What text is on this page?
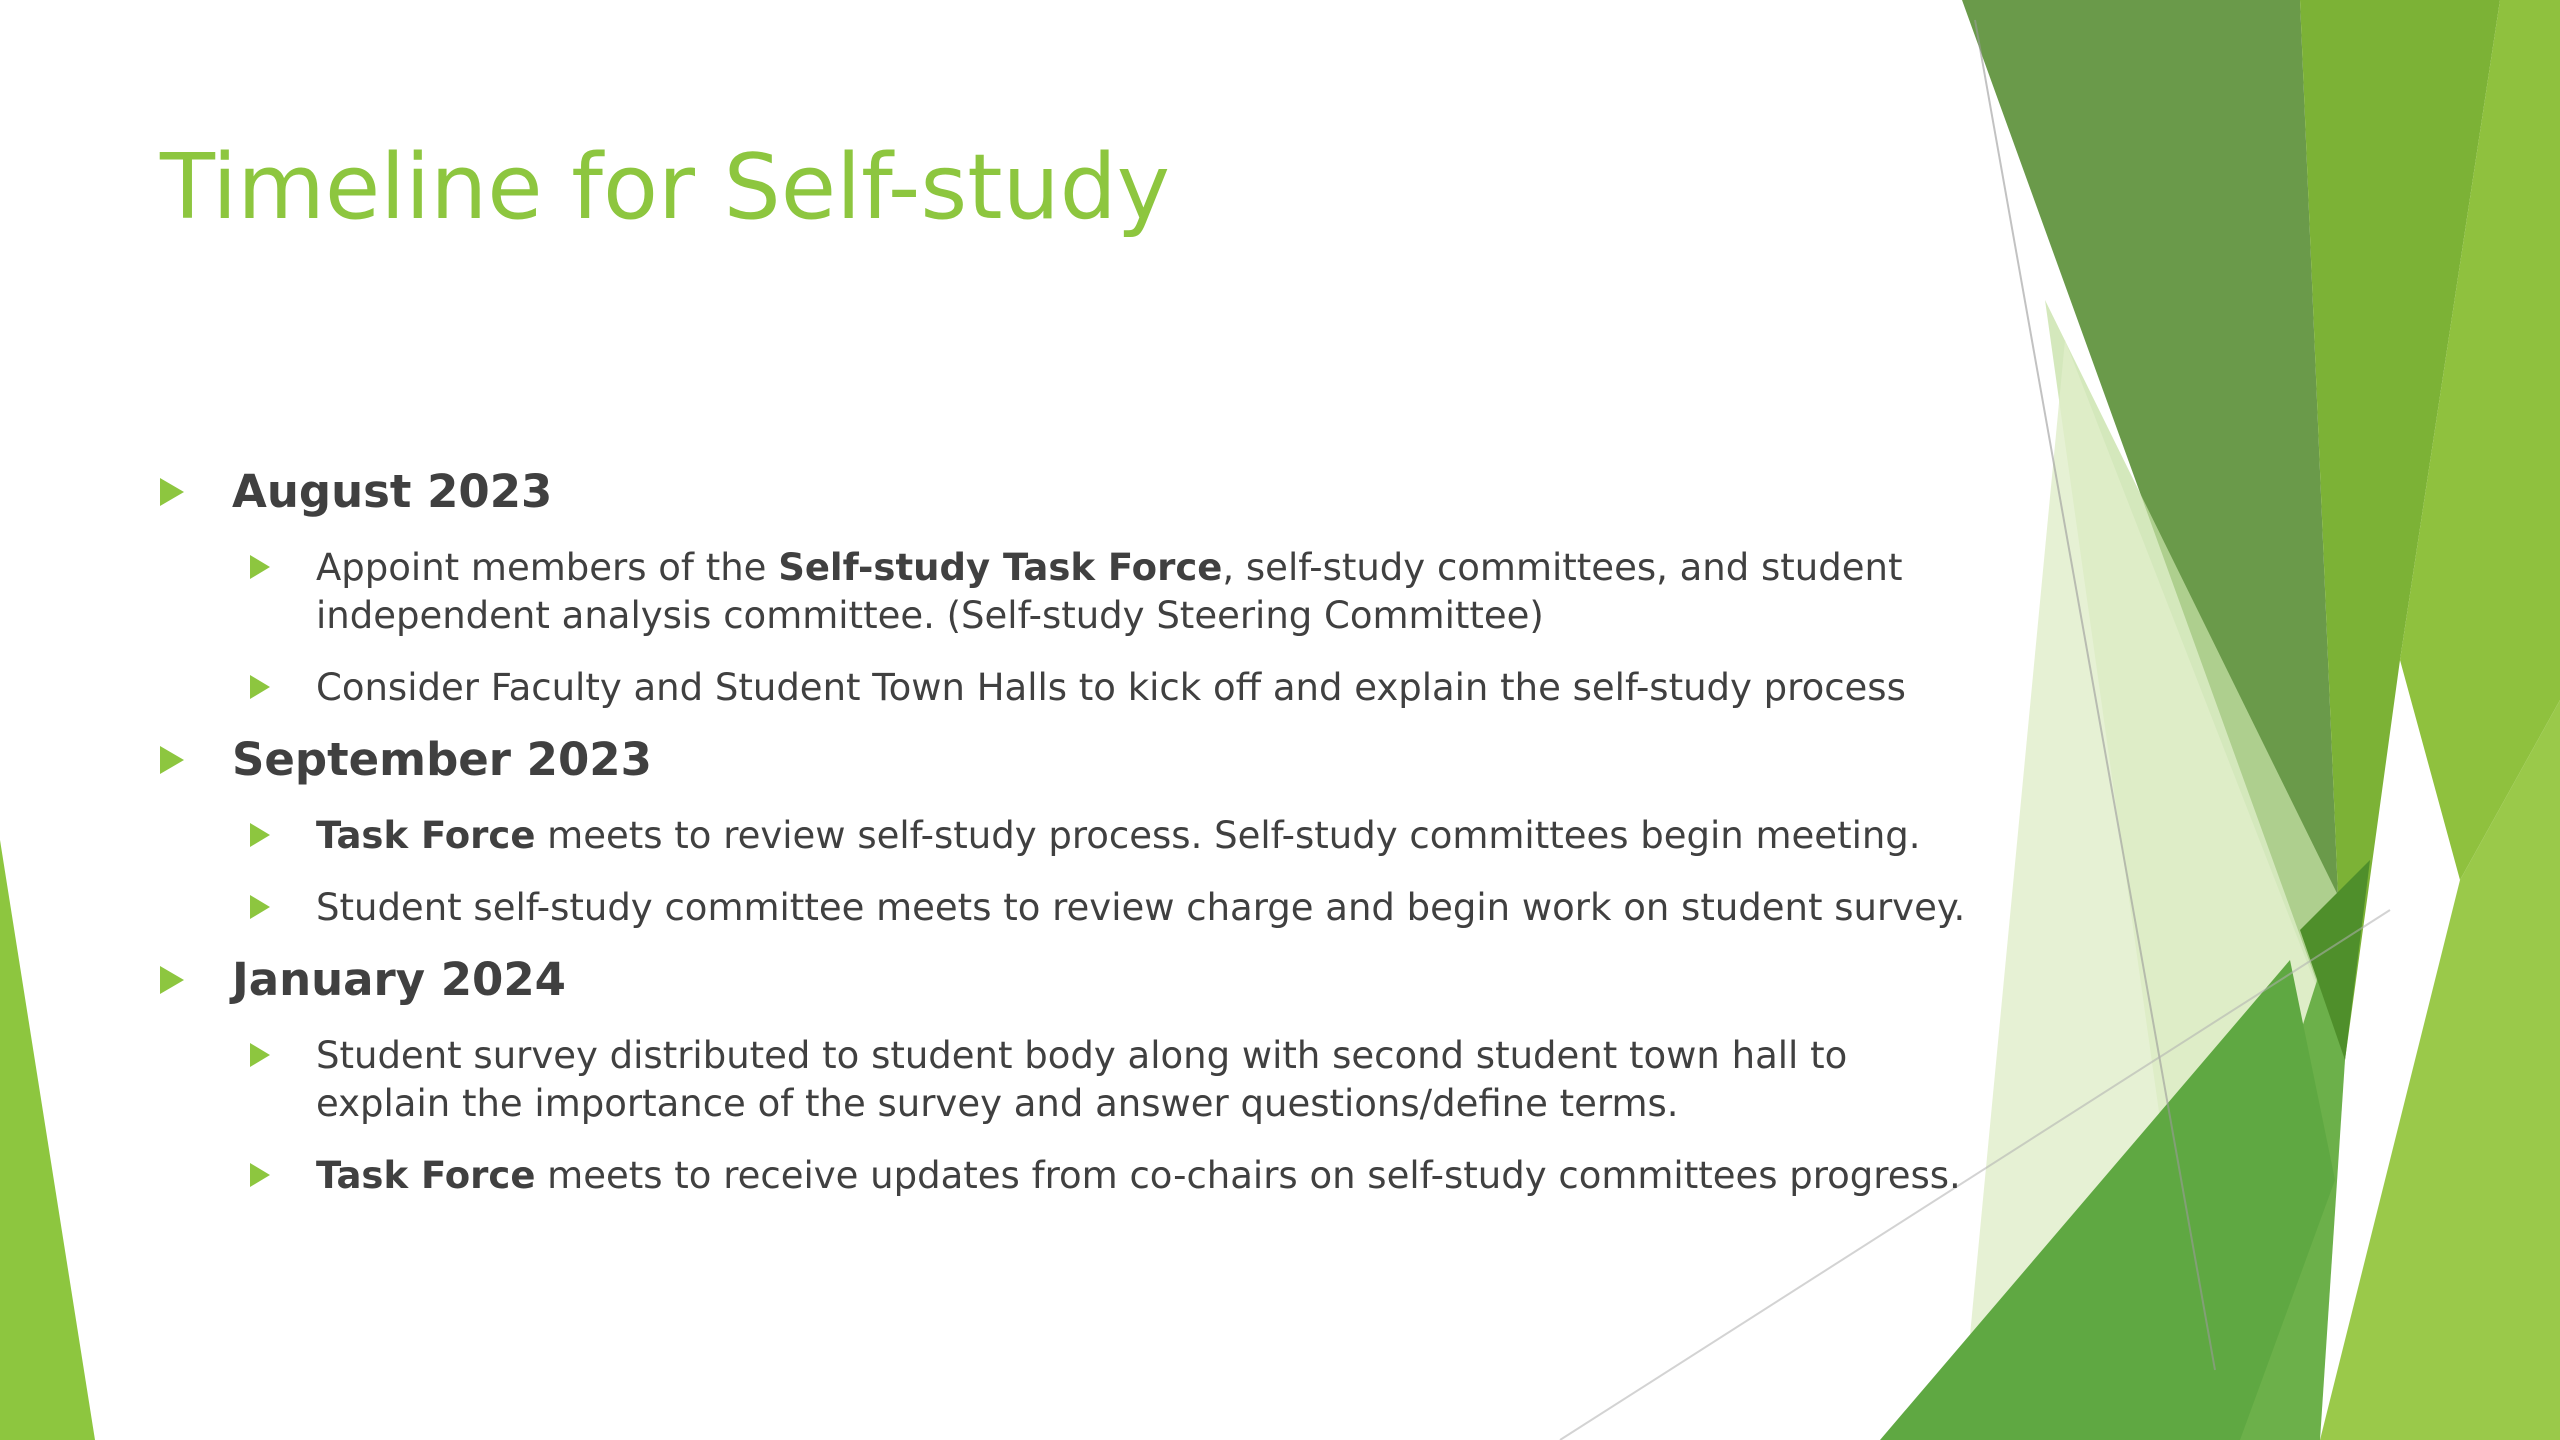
Timeline for Self-study
August 2023
Appoint members of the Self-study Task Force, self-study committees, and student independent analysis committee. (Self-study Steering Committee)
Consider Faculty and Student Town Halls to kick off and explain the self-study process
September 2023
Task Force meets to review self-study process. Self-study committees begin meeting.
Student self-study committee meets to review charge and begin work on student survey.
January 2024
Student survey distributed to student body along with second student town hall to explain the importance of the survey and answer questions/define terms.
Task Force meets to receive updates from co-chairs on self-study committees progress.
